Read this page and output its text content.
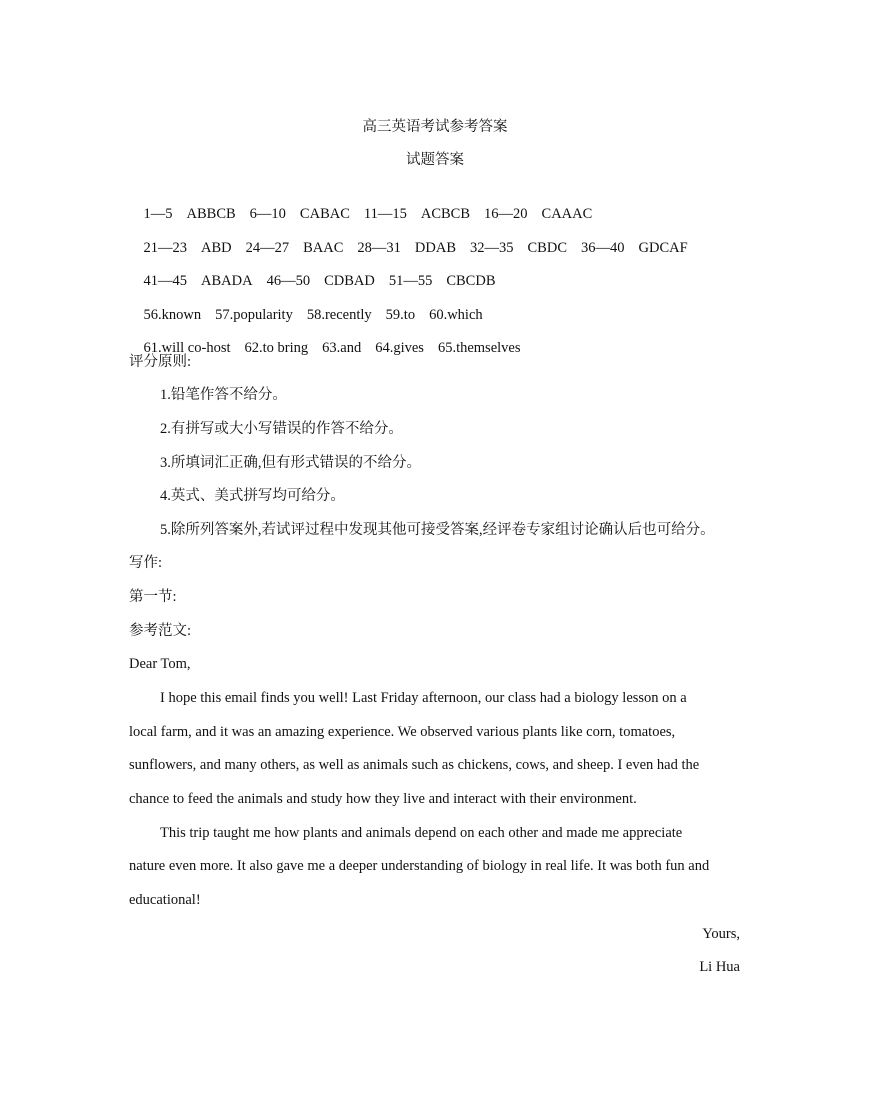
高三英语考试参考答案
试题答案

1—5 ABBCB 6—10 CABAC 11—15 ACBCB 16—20 CAAAC

21—23 ABD 24—27 BAAC 28—31 DDAB 32—35 CBDC 36—40 GDCAF

41—45 ABADA 46—50 CDBAD 51—55 CBCDB

56.known 57.popularity 58.recently 59.to 60.which

61.will co-host 62.to bring 63.and 64.gives 65.themselves

评分原则:
1.铅笔作答不给分。
2.有拼写或大小写错误的作答不给分。
3.所填词汇正确,但有形式错误的不给分。
4.英式、美式拼写均可给分。
5.除所列答案外,若试评过程中发现其他可接受答案,经评卷专家组讨论确认后也可给分。
写作:
第一节:
参考范文:
Dear Tom,
I hope this email finds you well! Last Friday afternoon, our class had a biology lesson on a
local farm, and it was an amazing experience. We observed various plants like corn, tomatoes,
sunflowers, and many others, as well as animals such as chickens, cows, and sheep. I even had the
chance to feed the animals and study how they live and interact with their environment.
This trip taught me how plants and animals depend on each other and made me appreciate
nature even more. It also gave me a deeper understanding of biology in real life. It was both fun and
educational!
Yours,
Li Hua
